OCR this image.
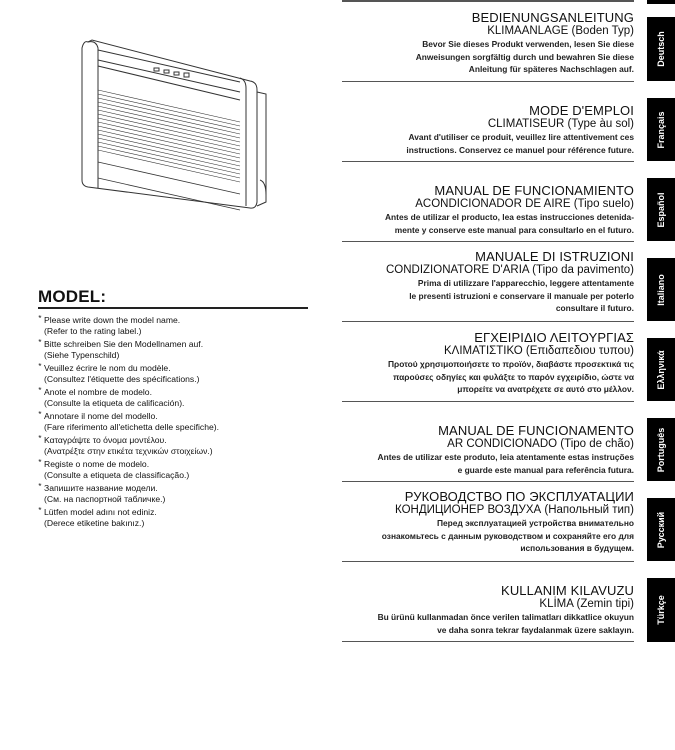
MODEL:
* Please write down the model name.
(Refer to the rating label.)
* Bitte schreiben Sie den Modellnamen auf.
(Siehe Typenschild)
* Veuillez écrire le nom du modèle.
(Consultez l'étiquette des spécifications.)
* Anote el nombre de modelo.
(Consulte la etiqueta de calificación).
* Annotare il nome del modello.
(Fare riferimento all'etichetta delle specifiche).
* Καταγράψτε το όνομα μοντέλου.
(Ανατρέξτε στην ετικέτα τεχνικών στοιχείων.)
* Registe o nome de modelo.
(Consulte a etiqueta de classificação.)
* Запишите название модели.
(См. на паспортной табличке.)
* Lütfen model adını not ediniz.
(Derece etiketine bakınız.)
BEDIENUNGSANLEITUNG
KLIMAANLAGE (Boden Typ)
Bevor Sie dieses Produkt verwenden, lesen Sie diese
Anweisungen sorgfältig durch und bewahren Sie diese
Anleitung für späteres Nachschlagen auf.
MODE D'EMPLOI
CLIMATISEUR (Type àu sol)
Avant d'utiliser ce produit, veuillez lire attentivement ces
instructions. Conservez ce manuel pour référence future.
MANUAL DE FUNCIONAMIENTO
ACONDICIONADOR DE AIRE (Tipo suelo)
Antes de utilizar el producto, lea estas instrucciones detenida-
mente y conserve este manual para consultarlo en el futuro.
MANUALE DI ISTRUZIONI
CONDIZIONATORE D'ARIA (Tipo da pavimento)
Prima di utilizzare l'apparecchio, leggere attentamente
le presenti istruzioni e conservare il manuale per poterlo
consultare il futuro.
ΕΓΧΕΙΡΙΔΙΟ ΛΕΙΤΟΥΡΓΙΑΣ
ΚΛΙΜΑΤΙΣΤΙΚΟ (Επιδαπεδιου τυπου)
Προτού χρησιμοποιήσετε το προϊόν, διαβάστε προσεκτικά τις
παρούσες οδηγίες και φυλάξτε το παρόν εγχειρίδιο, ώστε να
μπορείτε να ανατρέχετε σε αυτό στο μέλλον.
MANUAL DE FUNCIONAMENTO
AR CONDICIONADO (Tipo de chão)
Antes de utilizar este produto, leia atentamente estas instruções
e guarde este manual para referência futura.
РУКОВОДСТВО ПО ЭКСПЛУАТАЦИИ
КОНДИЦИОНЕР ВОЗДУХА (Напольный тип)
Перед эксплуатацией устройства внимательно
ознакомьтесь с данным руководством и сохраняйте его для
использования в будущем.
KULLANIM KILAVUZU
KLİMA (Zemin tipi)
Bu ürünü kullanmadan önce verilen talimatları dikkatlice okuyun
ve daha sonra tekrar faydalanmak üzere saklayın.
Deutsch
Français
Español
Italiano
Ελληνικά
Português
Русский
Türkçe
